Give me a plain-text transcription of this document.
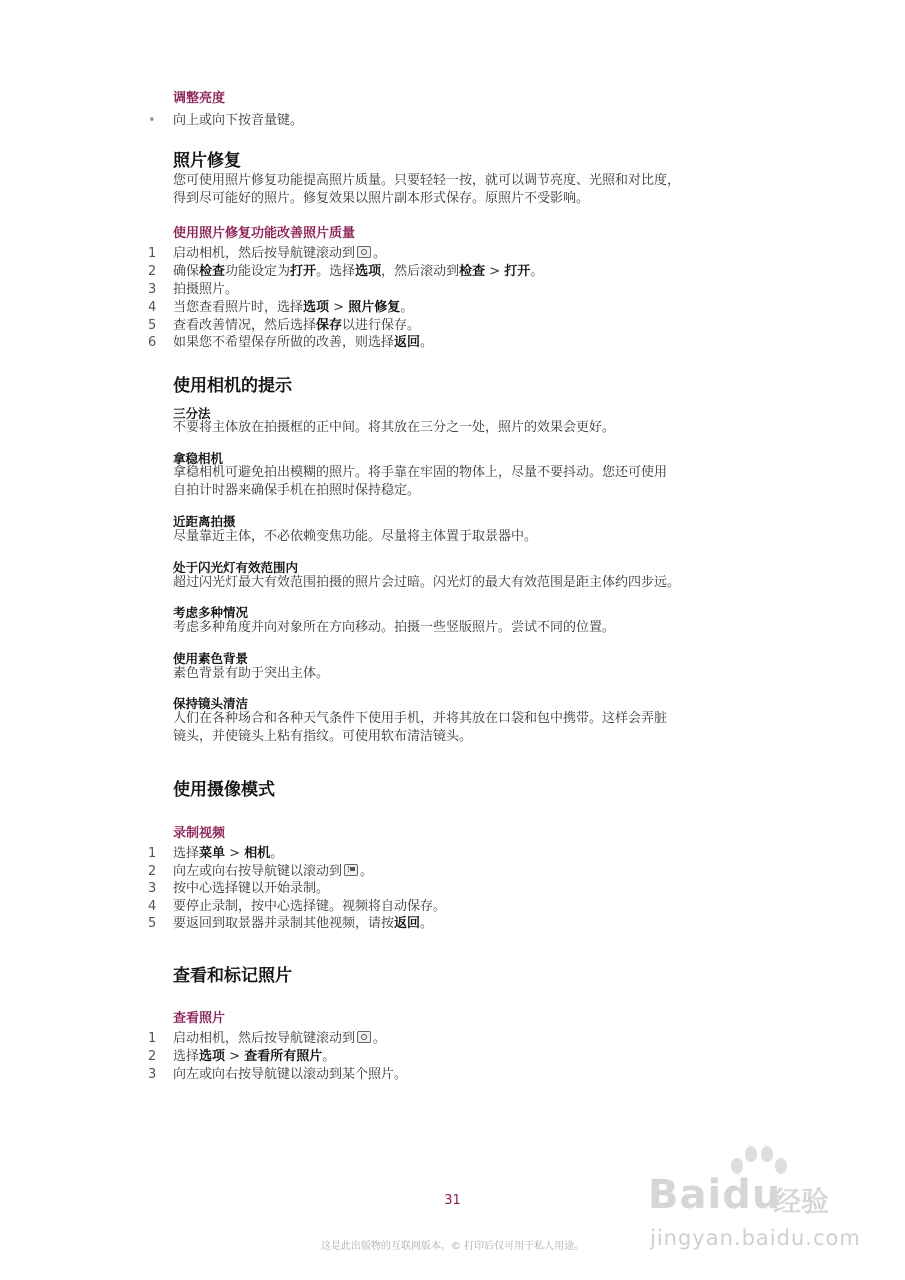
调整亮度
• 向上或向下按音量键。
照片修复
您可使用照片修复功能提高照片质量。只要轻轻一按，就可以调节亮度、光照和对比度，
得到尽可能好的照片。修复效果以照片副本形式保存。原照片不受影响。
使用照片修复功能改善照片质量
1 启动相机，然后按导航键滚动到 。
2 确保检查功能设定为打开。选择选项，然后滚动到检查 > 打开。
3 拍摄照片。
4 当您查看照片时，选择选项 > 照片修复。
5 查看改善情况，然后选择保存以进行保存。
6 如果您不希望保存所做的改善，则选择返回。
使用相机的提示
三分法
不要将主体放在拍摄框的正中间。将其放在三分之一处，照片的效果会更好。
拿稳相机
拿稳相机可避免拍出模糊的照片。将手靠在牢固的物体上，尽量不要抖动。您还可使用
自拍计时器来确保手机在拍照时保持稳定。
近距离拍摄
尽量靠近主体，不必依赖变焦功能。尽量将主体置于取景器中。
处于闪光灯有效范围内
超过闪光灯最大有效范围拍摄的照片会过暗。闪光灯的最大有效范围是距主体约四步远。
考虑多种情况
考虑多种角度并向对象所在方向移动。拍摄一些竖版照片。尝试不同的位置。
使用素色背景
素色背景有助于突出主体。
保持镜头清洁
人们在各种场合和各种天气条件下使用手机，并将其放在口袋和包中携带。这样会弄脏
镜头，并使镜头上粘有指纹。可使用软布清洁镜头。
使用摄像模式
录制视频
1 选择菜单 > 相机。
2 向左或向右按导航键以滚动到 。
3 按中心选择键以开始录制。
4 要停止录制，按中心选择键。视频将自动保存。
5 要返回到取景器并录制其他视频，请按返回。
查看和标记照片
查看照片
1 启动相机，然后按导航键滚动到 。
2 选择选项 > 查看所有照片。
3 向左或向右按导航键以滚动到某个照片。
31
这是此出版物的互联网版本。© 打印后仅可用于私人用途。
Baidu
经验
jingyan.baidu.com
